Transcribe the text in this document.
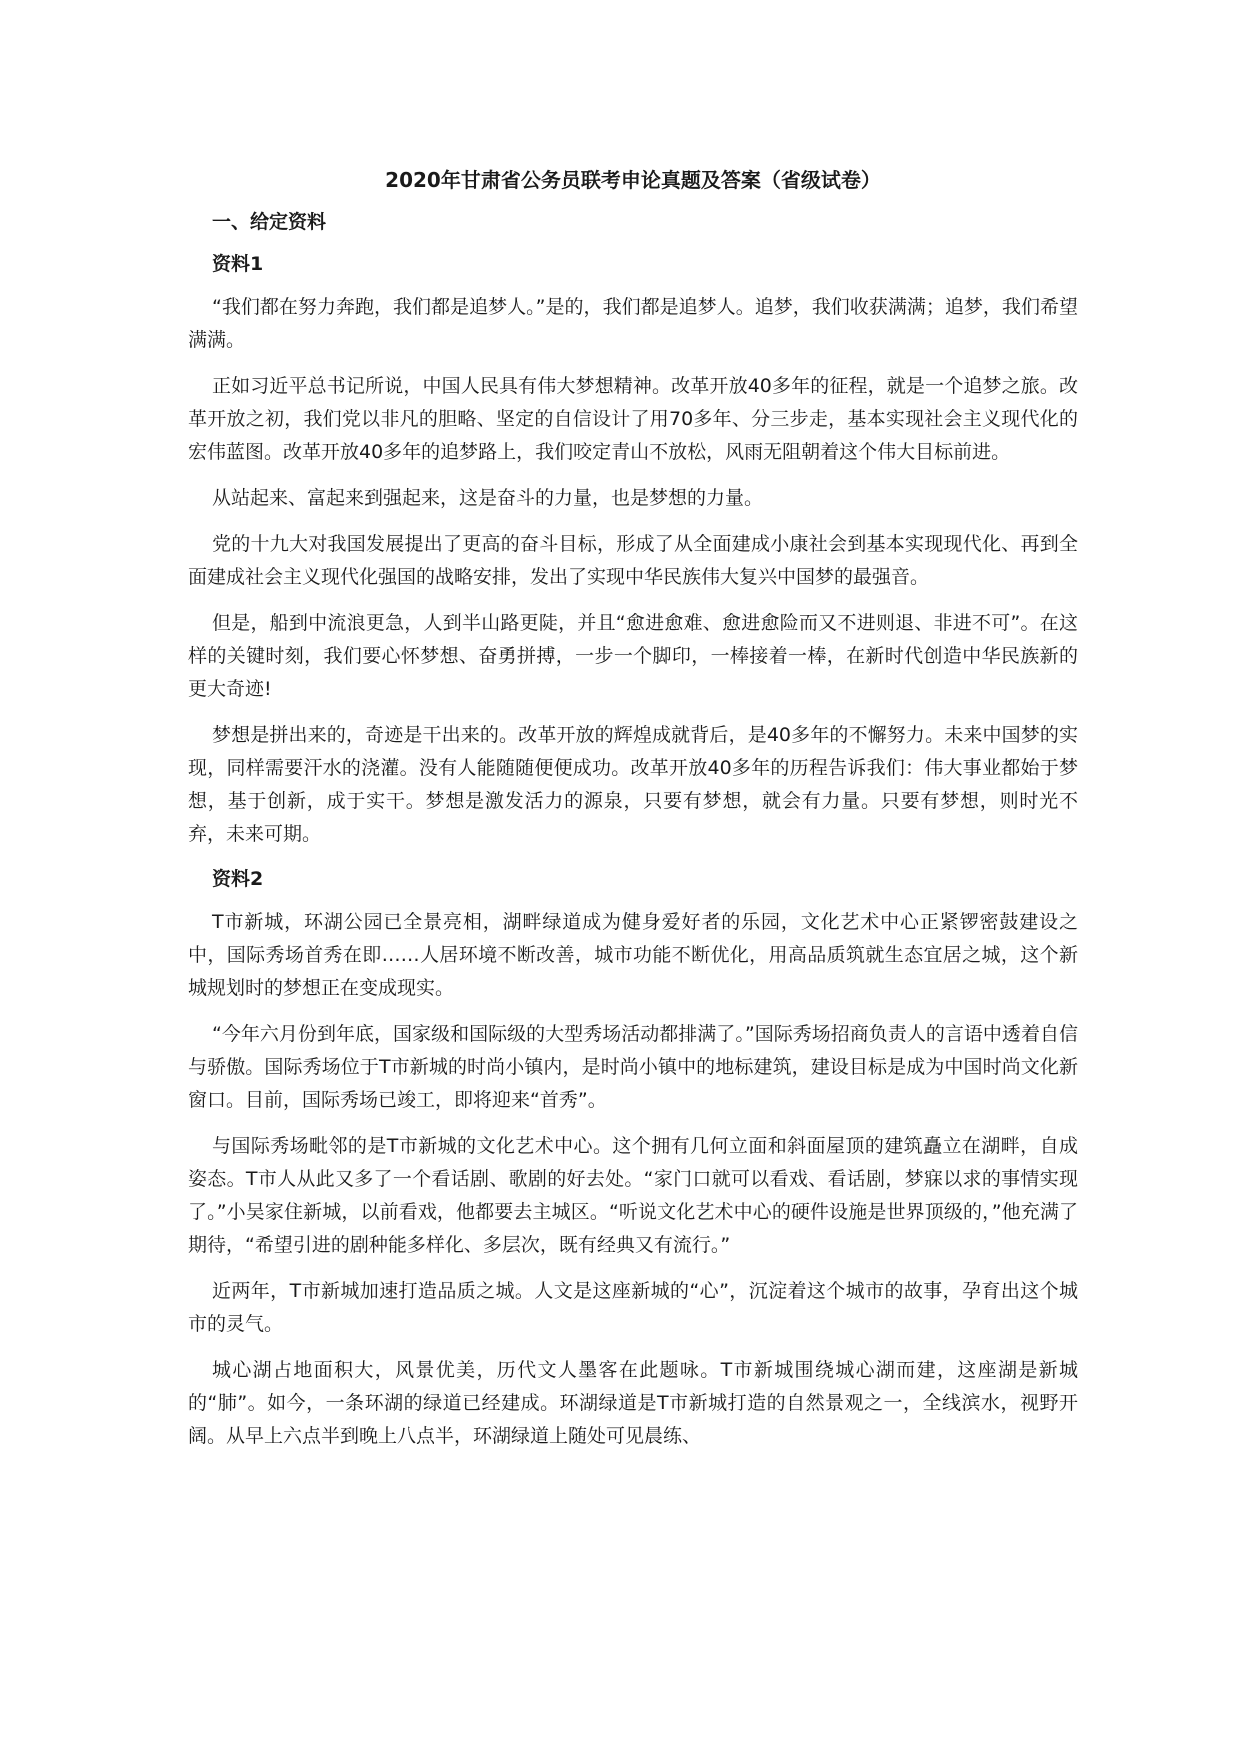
2020年甘肃省公务员联考申论真题及答案（省级试卷）
一、给定资料
资料1

“我们都在努力奔跑，我们都是追梦人。”是的，我们都是追梦人。追梦，我们收获满满；追梦，我们希望满满。

正如习近平总书记所说，中国人民具有伟大梦想精神。改革开放40多年的征程，就是一个追梦之旅。改革开放之初，我们党以非凡的胆略、坚定的自信设计了用70多年、分三步走，基本实现社会主义现代化的宏伟蓝图。改革开放40多年的追梦路上，我们咬定青山不放松，风雨无阻朝着这个伟大目标前进。

从站起来、富起来到强起来，这是奋斗的力量，也是梦想的力量。

党的十九大对我国发展提出了更高的奋斗目标，形成了从全面建成小康社会到基本实现现代化、再到全面建成社会主义现代化强国的战略安排，发出了实现中华民族伟大复兴中国梦的最强音。

但是，船到中流浪更急，人到半山路更陡，并且“愈进愈难、愈进愈险而又不进则退、非进不可”。在这样的关键时刻，我们要心怀梦想、奋勇拼搏，一步一个脚印，一棒接着一棒，在新时代创造中华民族新的更大奇迹!

梦想是拼出来的，奇迹是干出来的。改革开放的辉煌成就背后，是40多年的不懈努力。未来中国梦的实现，同样需要汗水的浇灌。没有人能随随便便成功。改革开放40多年的历程告诉我们：伟大事业都始于梦想，基于创新，成于实干。梦想是激发活力的源泉，只要有梦想，就会有力量。只要有梦想，则时光不弃，未来可期。

资料2

T市新城，环湖公园已全景亮相，湖畔绿道成为健身爱好者的乐园，文化艺术中心正紧锣密鼓建设之中，国际秀场首秀在即……人居环境不断改善，城市功能不断优化，用高品质筑就生态宜居之城，这个新城规划时的梦想正在变成现实。

“今年六月份到年底，国家级和国际级的大型秀场活动都排满了。”国际秀场招商负责人的言语中透着自信与骄傲。国际秀场位于T市新城的时尚小镇内，是时尚小镇中的地标建筑，建设目标是成为中国时尚文化新窗口。目前，国际秀场已竣工，即将迎来“首秀”。

与国际秀场毗邻的是T市新城的文化艺术中心。这个拥有几何立面和斜面屋顶的建筑矗立在湖畔，自成姿态。T市人从此又多了一个看话剧、歌剧的好去处。“家门口就可以看戏、看话剧，梦寐以求的事情实现了。”小吴家住新城，以前看戏，他都要去主城区。“听说文化艺术中心的硬件设施是世界顶级的，”他充满了期待，“希望引进的剧种能多样化、多层次，既有经典又有流行。”

近两年，T市新城加速打造品质之城。人文是这座新城的“心”，沉淀着这个城市的故事，孕育出这个城市的灵气。

城心湖占地面积大，风景优美，历代文人墨客在此题咏。T市新城围绕城心湖而建，这座湖是新城的“肺”。如今，一条环湖的绿道已经建成。环湖绿道是T市新城打造的自然景观之一，全线滨水，视野开阔。从早上六点半到晚上八点半，环湖绿道上随处可见晨练、
